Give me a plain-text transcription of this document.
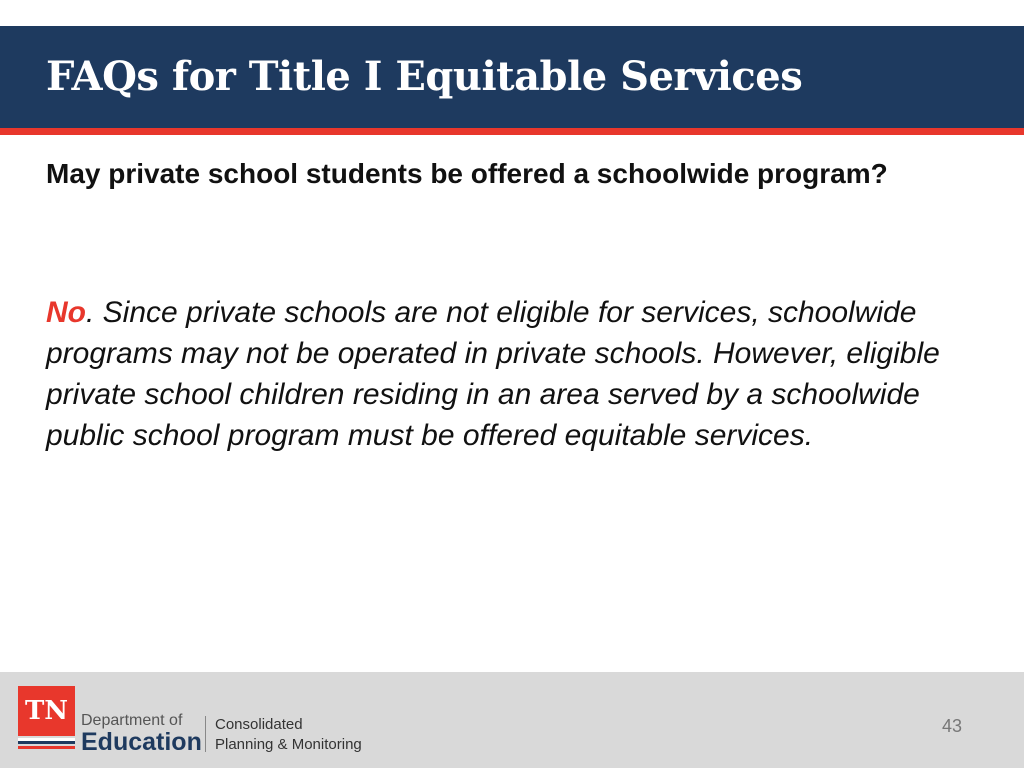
FAQs for Title I Equitable Services

May private school students be offered a schoolwide program?

No. Since private schools are not eligible for services, schoolwide programs may not be operated in private schools. However, eligible private school children residing in an area served by a schoolwide public school program must be offered equitable services.

TN Department of
Education
Consolidated
Planning & Monitoring
43
